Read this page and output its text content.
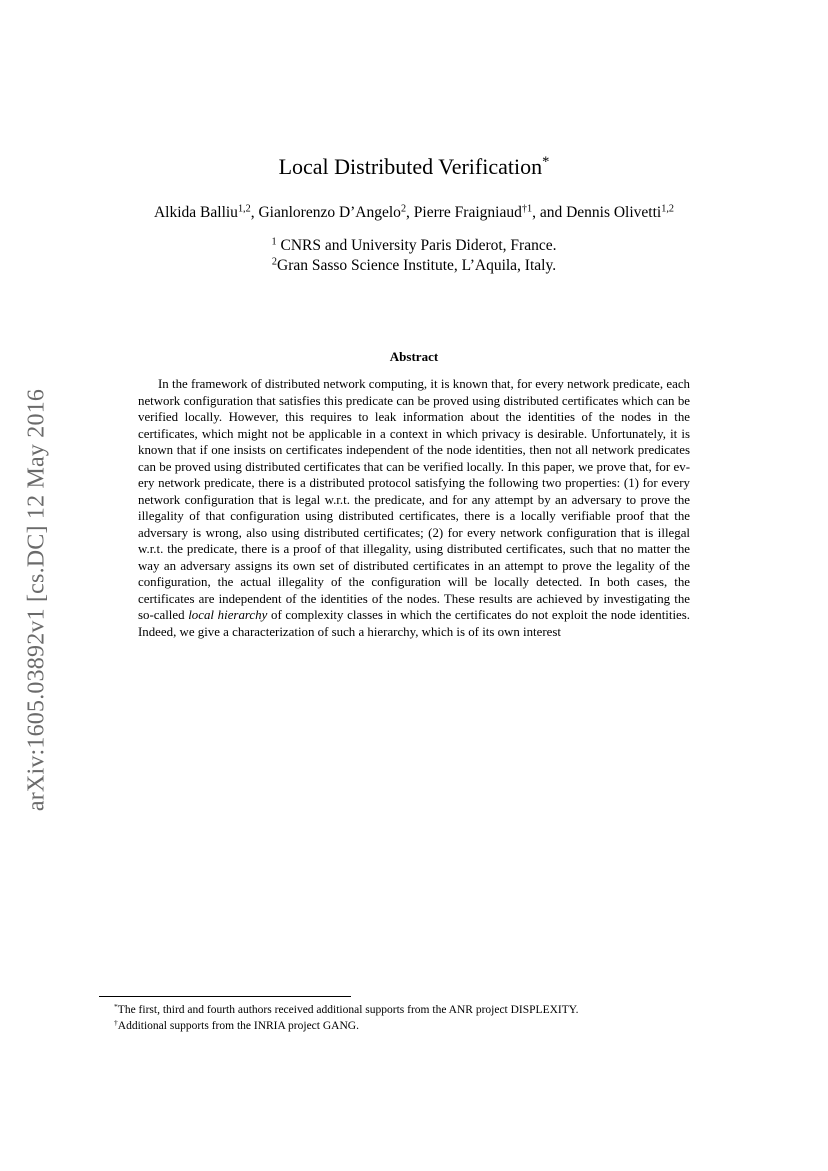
arXiv:1605.03892v1 [cs.DC] 12 May 2016
Local Distributed Verification*
Alkida Balliu$^{1,2}$, Gianlorenzo D’Angelo$^2$, Pierre Fraigniaud$^{\dagger 1}$, and Dennis Olivetti$^{1,2}$
$^1$ CNRS and University Paris Diderot, France.
$^2$Gran Sasso Science Institute, L’Aquila, Italy.
Abstract
In the framework of distributed network computing, it is known that, for every network predicate, each network configuration that satisfies this predicate can be proved using distributed certificates which can be verified locally. However, this requires to leak information about the identities of the nodes in the certificates, which might not be applicable in a context in which privacy is desirable. Unfortunately, it is known that if one insists on certificates independent of the node identities, then not all network predicates can be proved using distributed certificates that can be verified locally. In this paper, we prove that, for every network predicate, there is a distributed protocol satisfying the following two properties: (1) for every network configuration that is legal w.r.t. the predicate, and for any attempt by an adversary to prove the illegality of that configuration using distributed certificates, there is a locally verifiable proof that the adversary is wrong, also using distributed certificates; (2) for every network configuration that is illegal w.r.t. the predicate, there is a proof of that illegality, using distributed certificates, such that no matter the way an adversary assigns its own set of distributed certificates in an attempt to prove the legality of the configuration, the actual illegality of the configuration will be locally detected. In both cases, the certificates are independent of the identities of the nodes. These results are achieved by investigating the so-called local hierarchy of complexity classes in which the certificates do not exploit the node identities. Indeed, we give a characterization of such a hierarchy, which is of its own interest
*The first, third and fourth authors received additional supports from the ANR project DISPLEXITY.
†Additional supports from the INRIA project GANG.
